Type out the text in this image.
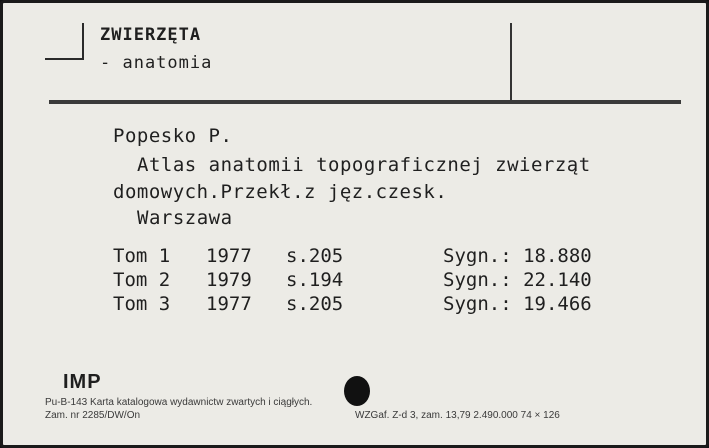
ZWIERZĘTA
- anatomia
Popesko P.
Atlas anatomii topograficznej zwierząt
domowych.Przekł.z jęz.czesk.
Warszawa
Tom 1 1977 s.205	Sygn.: 18.880
Tom 2 1979 s.194	Sygn.: 22.140
Tom 3 1977 s.205	Sygn.: 19.466
IMP
Pu-B-143 Karta katalogowa wydawnictw zwartych i ciągłych.
Zam. nr 2285/DW/On	WZGaf. Z-d 3, zam. 13,79 2.490.000 74 × 126
